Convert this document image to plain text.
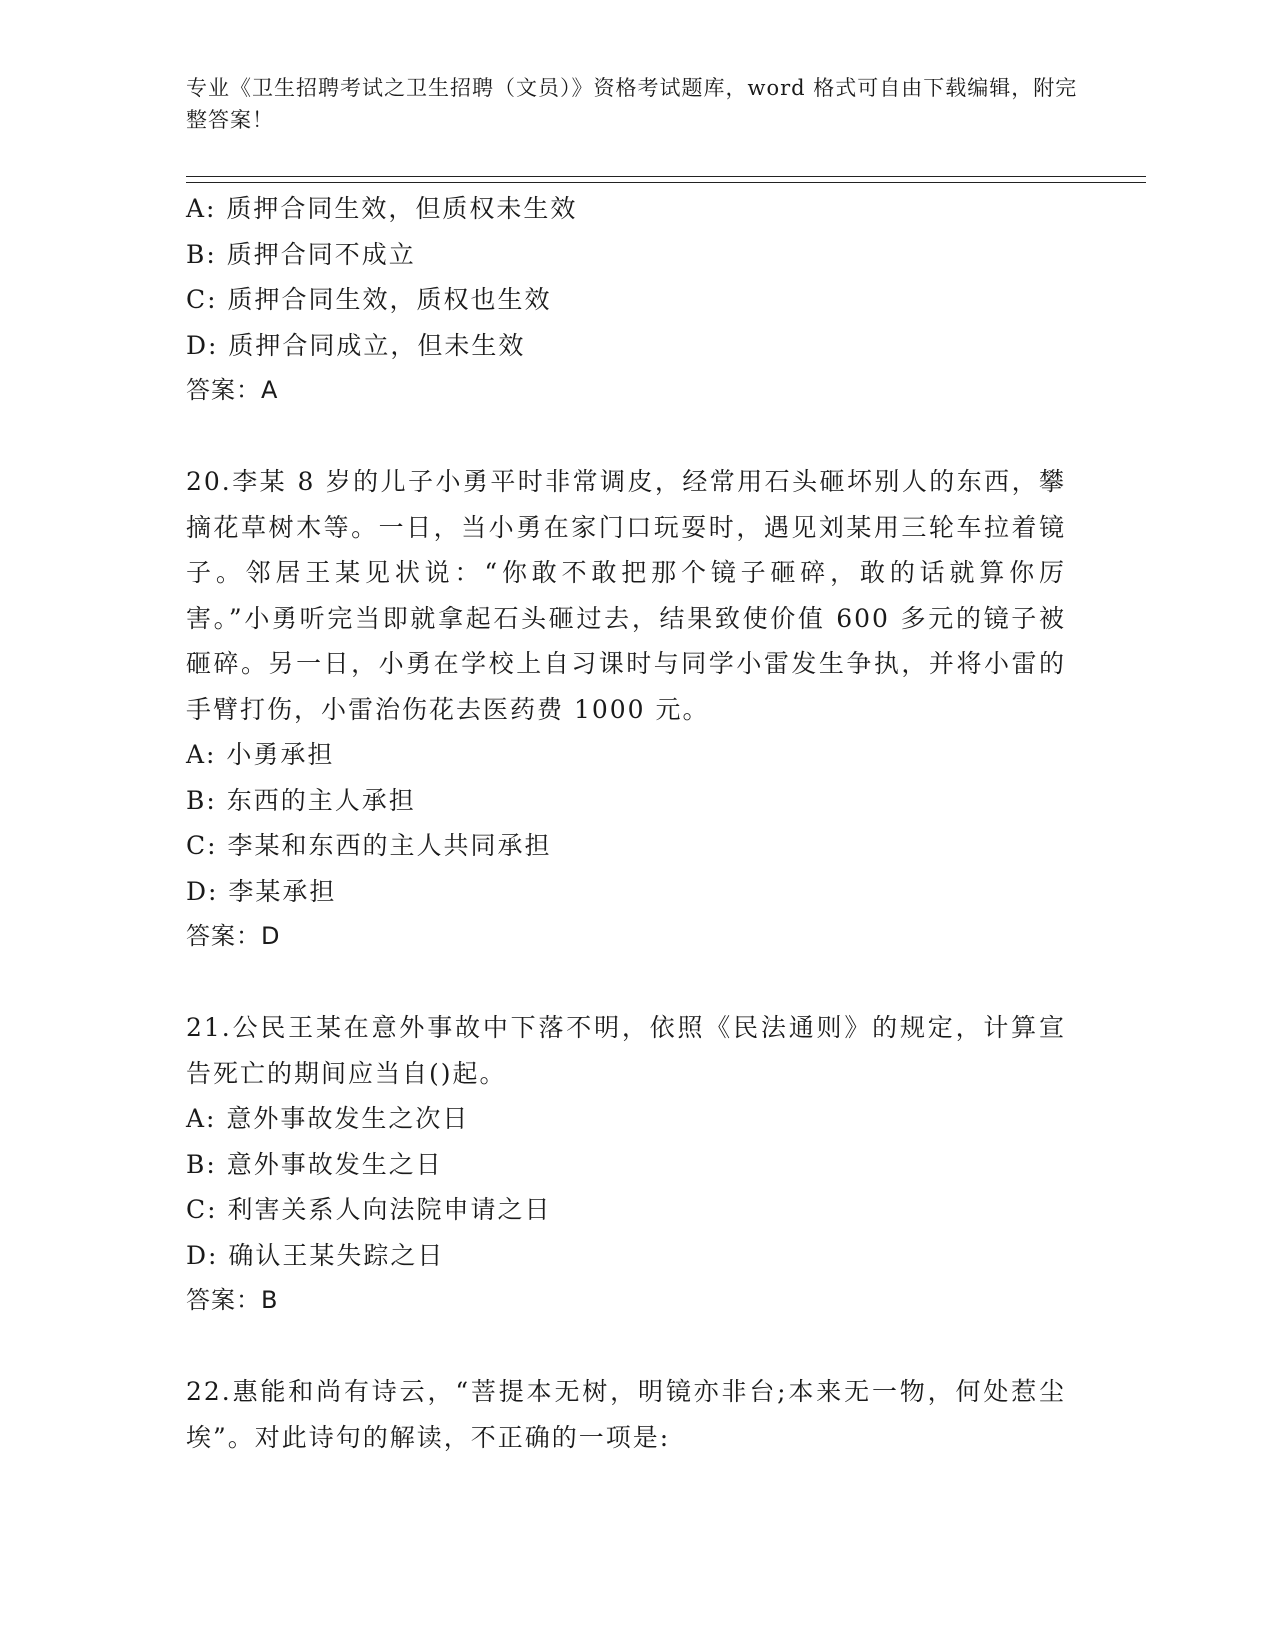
专业《卫生招聘考试之卫生招聘（文员）》资格考试题库，word 格式可自由下载编辑，附完整答案！
A: 质押合同生效，但质权未生效
B: 质押合同不成立
C: 质押合同生效，质权也生效
D: 质押合同成立，但未生效
答案：A
20.李某 8 岁的儿子小勇平时非常调皮，经常用石头砸坏别人的东西，攀摘花草树木等。一日，当小勇在家门口玩耍时，遇见刘某用三轮车拉着镜子。邻居王某见状说：“你敢不敢把那个镜子砸碎，敢的话就算你厉害。”小勇听完当即就拿起石头砸过去，结果致使价值 600 多元的镜子被砸碎。另一日，小勇在学校上自习课时与同学小雷发生争执，并将小雷的手臂打伤，小雷治伤花去医药费 1000 元。
A: 小勇承担
B: 东西的主人承担
C: 李某和东西的主人共同承担
D: 李某承担
答案：D
21.公民王某在意外事故中下落不明，依照《民法通则》的规定，计算宣告死亡的期间应当自()起。
A: 意外事故发生之次日
B: 意外事故发生之日
C: 利害关系人向法院申请之日
D: 确认王某失踪之日
答案：B
22.惠能和尚有诗云，“菩提本无树，明镜亦非台;本来无一物，何处惹尘埃”。对此诗句的解读，不正确的一项是:
